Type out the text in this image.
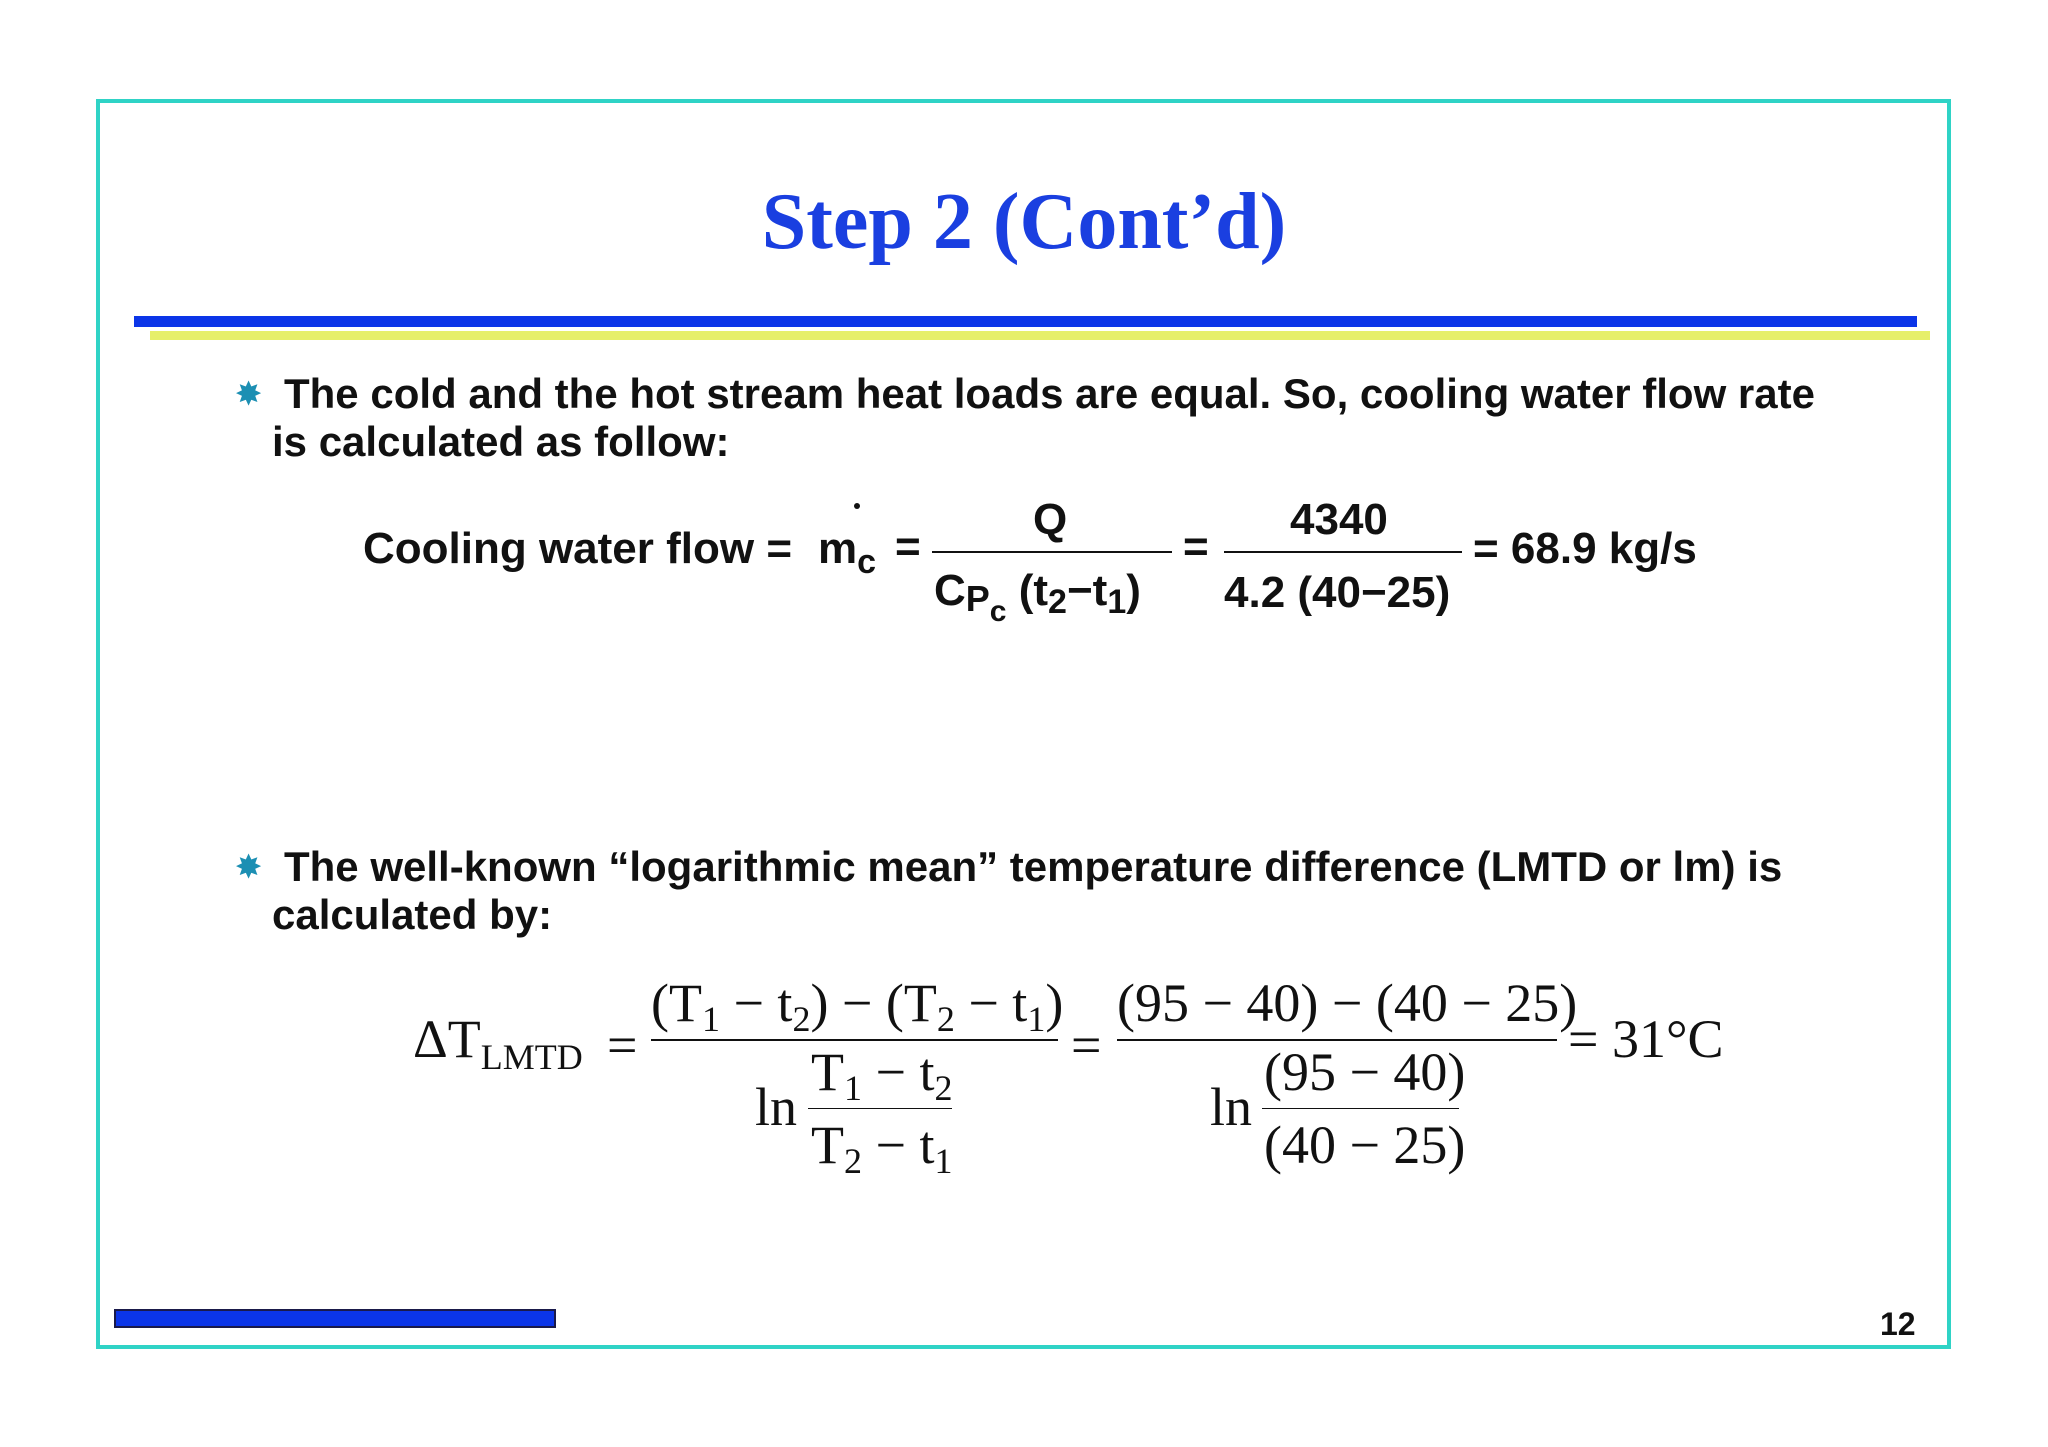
Step 2 (Cont’d)
✸ The cold and the hot stream heat loads are equal. So, cooling water flow rate
is calculated as follow:
Cooling water flow = $m_c$ =
Q
$CP_c$ (t2−t1)
=
4340
4.2 (40−25)
= 68.9 kg/s
✸ The well-known “logarithmic mean” temperature difference (LMTD or lm) is
calculated by:
$\Delta T_{LMTD}$ =
$(T_1 - t_2) - (T_2 - t_1)$
ln
$T_1 - t_2$
$T_2 - t_1$
=
(95 − 40) − (40 − 25)
ln
(95 − 40)
(40 − 25)
= 31°C
12
